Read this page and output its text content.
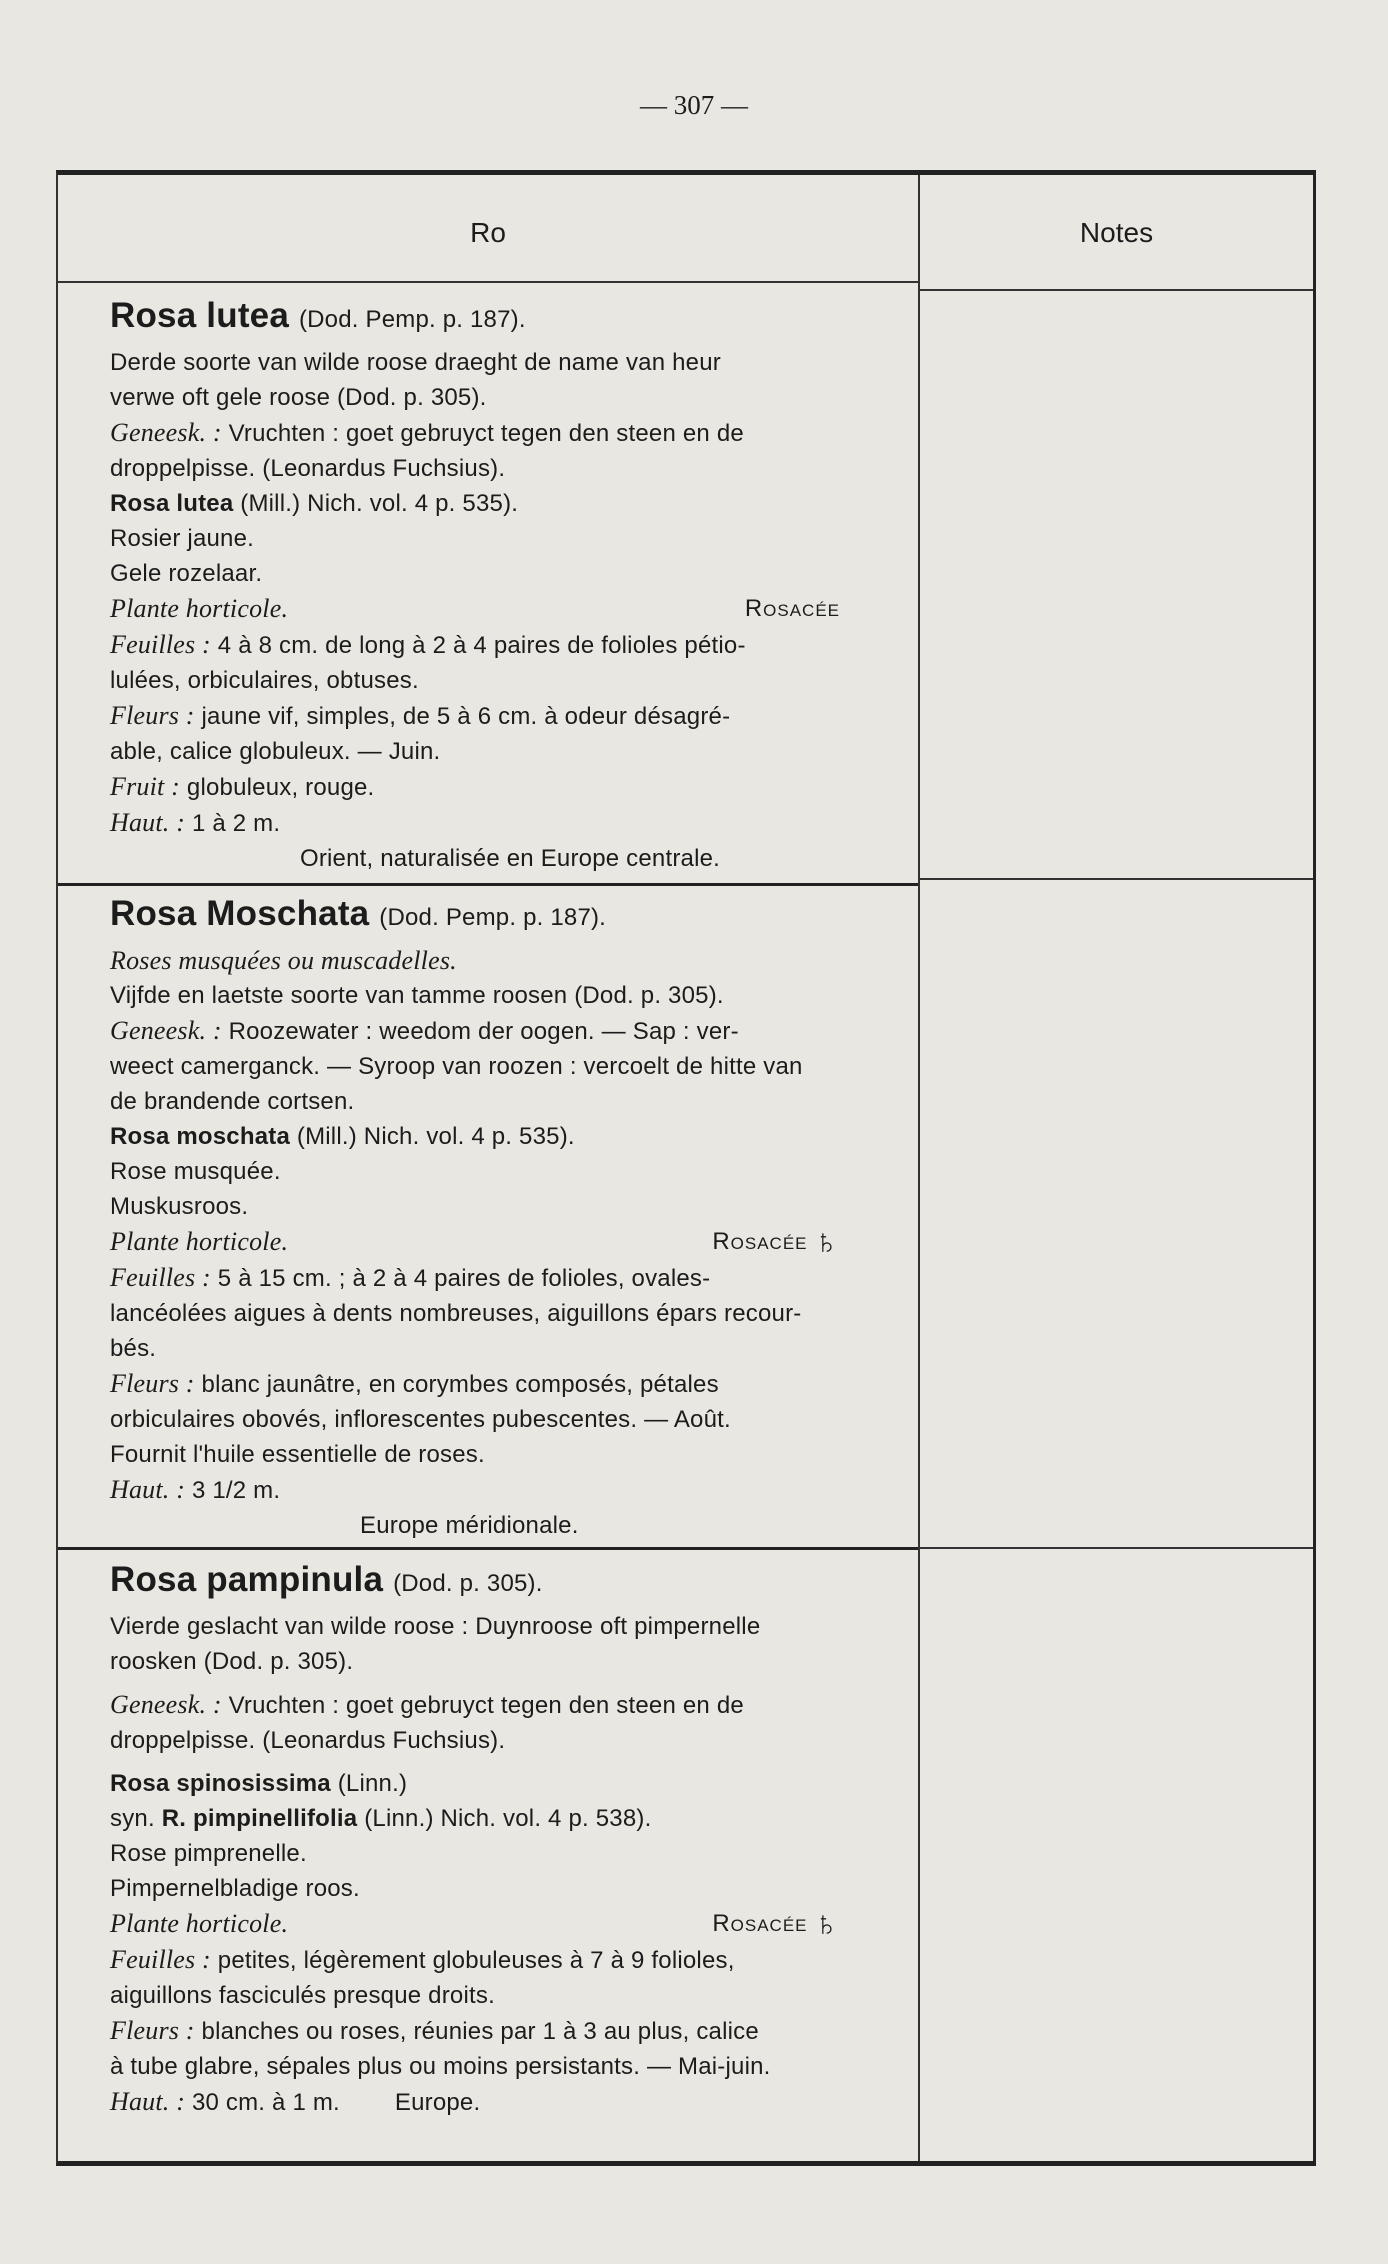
— 307 —
Ro	Notes

Rosa lutea (Dod. Pemp. p. 187).

Derde soorte van wilde roose draeght de name van heur

verwe oft gele roose (Dod. p. 305).

Geneesk. : Vruchten : goet gebruyct tegen den steen en de

droppelpisse. (Leonardus Fuchsius).

Rosa lutea (Mill.) Nich. vol. 4 p. 535).

Rosier jaune.

Gele rozelaar.

Plante horticole.	Rosacée

Feuilles : 4 à 8 cm. de long à 2 à 4 paires de folioles pétio-

lulées, orbiculaires, obtuses.

Fleurs : jaune vif, simples, de 5 à 6 cm. à odeur désagré-

able, calice globuleux. — Juin.

Fruit : globuleux, rouge.

Haut. : 1 à 2 m.

Orient, naturalisée en Europe centrale.

Rosa Moschata (Dod. Pemp. p. 187).

Roses musquées ou muscadelles.

Vijfde en laetste soorte van tamme roosen (Dod. p. 305).

Geneesk. : Roozewater : weedom der oogen. — Sap : ver-

weect camerganck. — Syroop van roozen : vercoelt de hitte van

de brandende cortsen.

Rosa moschata (Mill.) Nich. vol. 4 p. 535).

Rose musquée.

Muskusroos.

Plante horticole.	Rosacée ♄

Feuilles : 5 à 15 cm. ; à 2 à 4 paires de folioles, ovales-

lancéolées aigues à dents nombreuses, aiguillons épars recour-

bés.

Fleurs : blanc jaunâtre, en corymbes composés, pétales

orbiculaires obovés, inflorescentes pubescentes. — Août.

Fournit l'huile essentielle de roses.

Haut. : 3 1/2 m.

Europe méridionale.

Rosa pampinula (Dod. p. 305).

Vierde geslacht van wilde roose : Duynroose oft pimpernelle

roosken (Dod. p. 305).

Geneesk. : Vruchten : goet gebruyct tegen den steen en de

droppelpisse. (Leonardus Fuchsius).

Rosa spinosissima (Linn.)

syn. R. pimpinellifolia (Linn.) Nich. vol. 4 p. 538).

Rose pimprenelle.

Pimpernelbladige roos.

Plante horticole.	Rosacée ♄

Feuilles : petites, légèrement globuleuses à 7 à 9 folioles,

aiguillons fasciculés presque droits.

Fleurs : blanches ou roses, réunies par 1 à 3 au plus, calice

à tube glabre, sépales plus ou moins persistants. — Mai-juin.

Haut. : 30 cm. à 1 m. Europe.
